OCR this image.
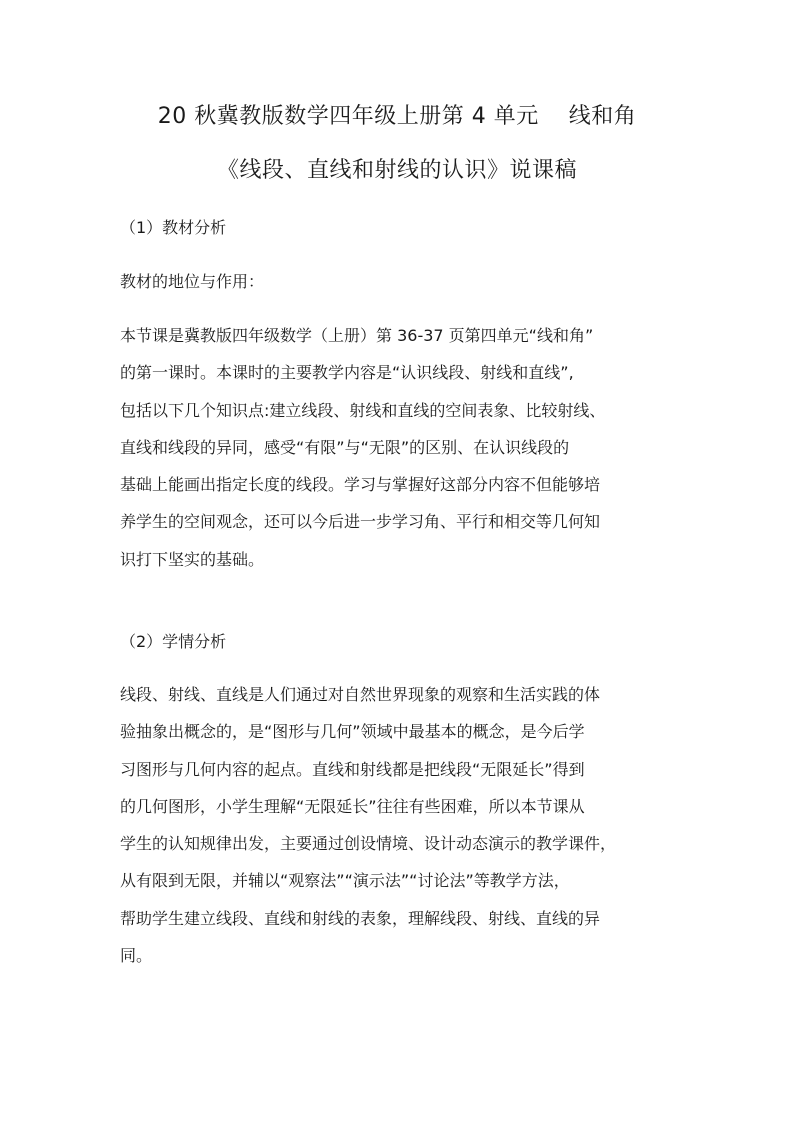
20 秋冀教版数学四年级上册第 4 单元    线和角
《线段、直线和射线的认识》说课稿
（1）教材分析
教材的地位与作用：
本节课是冀教版四年级数学（上册）第 36-37 页第四单元“线和角”
的第一课时。本课时的主要教学内容是“认识线段、射线和直线”,
包括以下几个知识点:建立线段、射线和直线的空间表象、比较射线、
直线和线段的异同，感受“有限”与“无限”的区别、在认识线段的
基础上能画出指定长度的线段。学习与掌握好这部分内容不但能够培
养学生的空间观念，还可以今后进一步学习角、平行和相交等几何知
识打下坚实的基础。
（2）学情分析
线段、射线、直线是人们通过对自然世界现象的观察和生活实践的体
验抽象出概念的，是“图形与几何”领域中最基本的概念，是今后学
习图形与几何内容的起点。直线和射线都是把线段“无限延长”得到
的几何图形，小学生理解“无限延长”往往有些困难，所以本节课从
学生的认知规律出发，主要通过创设情境、设计动态演示的教学课件，
从有限到无限，并辅以“观察法”“演示法”“讨论法”等教学方法，
帮助学生建立线段、直线和射线的表象，理解线段、射线、直线的异
同。
